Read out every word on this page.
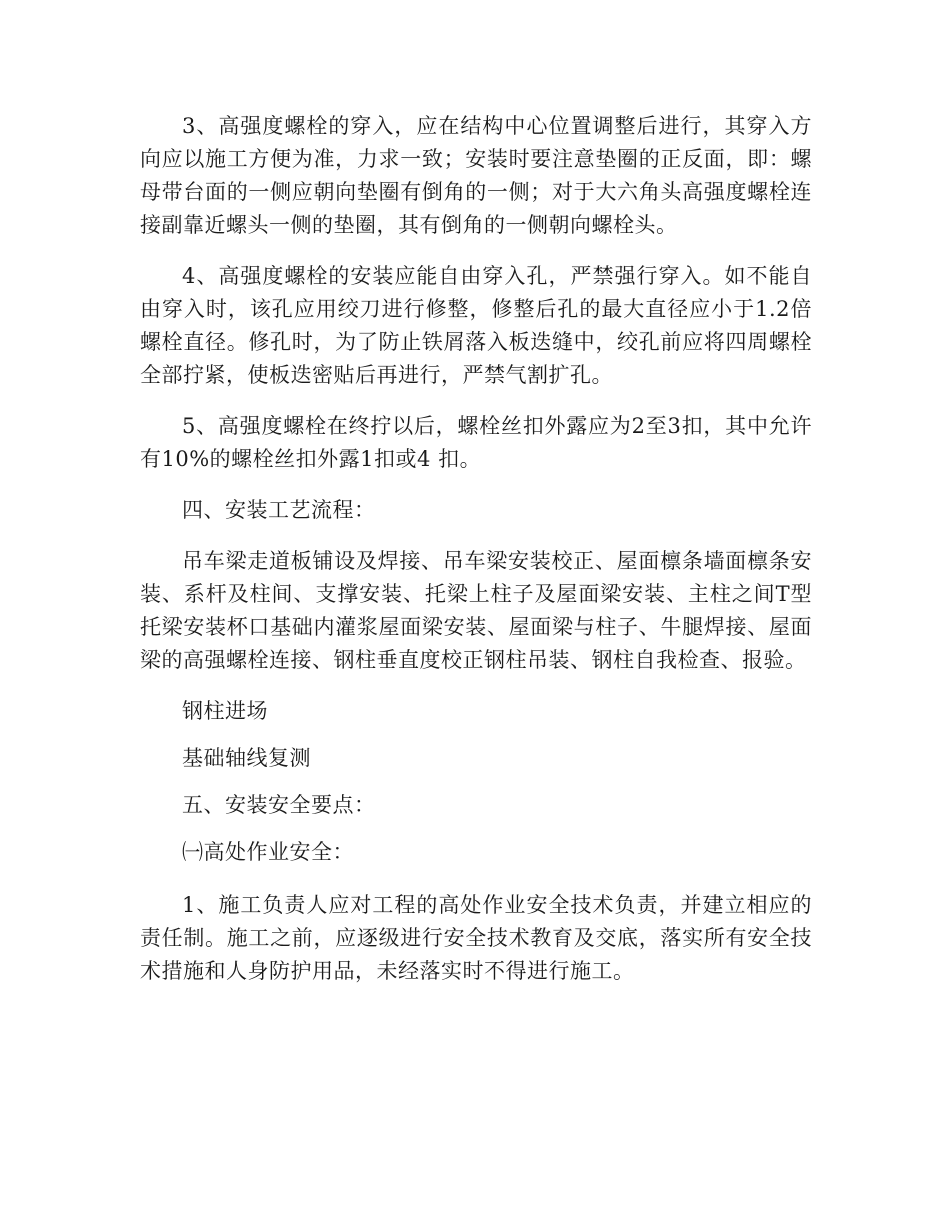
3、高强度螺栓的穿入，应在结构中心位置调整后进行，其穿入方向应以施工方便为准，力求一致；安装时要注意垫圈的正反面，即：螺母带台面的一侧应朝向垫圈有倒角的一侧；对于大六角头高强度螺栓连接副靠近螺头一侧的垫圈，其有倒角的一侧朝向螺栓头。

4、高强度螺栓的安装应能自由穿入孔，严禁强行穿入。如不能自由穿入时，该孔应用绞刀进行修整，修整后孔的最大直径应小于1.2倍螺栓直径。修孔时，为了防止铁屑落入板迭缝中，绞孔前应将四周螺栓全部拧紧，使板迭密贴后再进行，严禁气割扩孔。

5、高强度螺栓在终拧以后，螺栓丝扣外露应为2至3扣，其中允许有10%的螺栓丝扣外露1扣或4 扣。

四、安装工艺流程：

吊车梁走道板铺设及焊接、吊车梁安装校正、屋面檩条墙面檩条安装、系杆及柱间、支撑安装、托梁上柱子及屋面梁安装、主柱之间T型托梁安装杯口基础内灌浆屋面梁安装、屋面梁与柱子、牛腿焊接、屋面梁的高强螺栓连接、钢柱垂直度校正钢柱吊装、钢柱自我检查、报验。

钢柱进场

基础轴线复测

五、安装安全要点：

㈠高处作业安全：

1、施工负责人应对工程的高处作业安全技术负责，并建立相应的责任制。施工之前，应逐级进行安全技术教育及交底，落实所有安全技术措施和人身防护用品，未经落实时不得进行施工。
